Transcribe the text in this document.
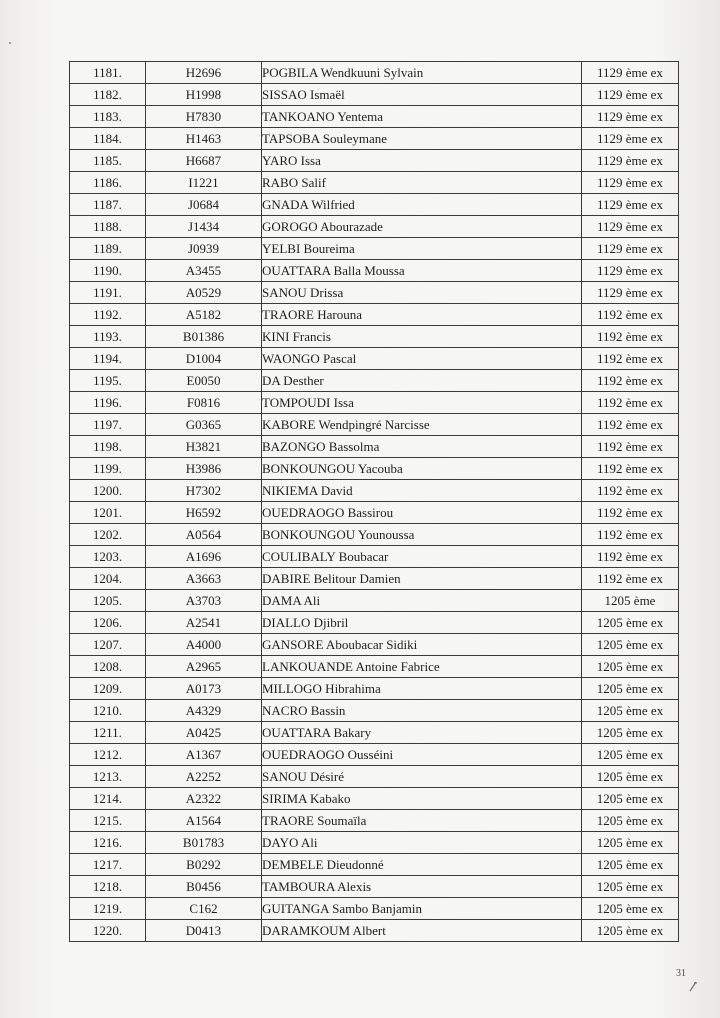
1181.	H2696	POGBILA Wendkuuni Sylvain	1129 ème ex
1182.	H1998	SISSAO Ismaël	1129 ème ex
1183.	H7830	TANKOANO Yentema	1129 ème ex
1184.	H1463	TAPSOBA Souleymane	1129 ème ex
1185.	H6687	YARO Issa	1129 ème ex
1186.	I1221	RABO Salif	1129 ème ex
1187.	J0684	GNADA Wilfried	1129 ème ex
1188.	J1434	GOROGO Abourazade	1129 ème ex
1189.	J0939	YELBI Boureima	1129 ème ex
1190.	A3455	OUATTARA Balla Moussa	1129 ème ex
1191.	A0529	SANOU Drissa	1129 ème ex
1192.	A5182	TRAORE Harouna	1192 ème ex
1193.	B01386	KINI Francis	1192 ème ex
1194.	D1004	WAONGO Pascal	1192 ème ex
1195.	E0050	DA Desther	1192 ème ex
1196.	F0816	TOMPOUDI Issa	1192 ème ex
1197.	G0365	KABORE Wendpingré Narcisse	1192 ème ex
1198.	H3821	BAZONGO Bassolma	1192 ème ex
1199.	H3986	BONKOUNGOU Yacouba	1192 ème ex
1200.	H7302	NIKIEMA David	1192 ème ex
1201.	H6592	OUEDRAOGO Bassirou	1192 ème ex
1202.	A0564	BONKOUNGOU Younoussa	1192 ème ex
1203.	A1696	COULIBALY Boubacar	1192 ème ex
1204.	A3663	DABIRE Belitour Damien	1192 ème ex
1205.	A3703	DAMA Ali	1205 ème
1206.	A2541	DIALLO Djibril	1205 ème ex
1207.	A4000	GANSORE Aboubacar Sidiki	1205 ème ex
1208.	A2965	LANKOUANDE Antoine Fabrice	1205 ème ex
1209.	A0173	MILLOGO Hibrahima	1205 ème ex
1210.	A4329	NACRO Bassin	1205 ème ex
1211.	A0425	OUATTARA Bakary	1205 ème ex
1212.	A1367	OUEDRAOGO Ousséini	1205 ème ex
1213.	A2252	SANOU Désiré	1205 ème ex
1214.	A2322	SIRIMA Kabako	1205 ème ex
1215.	A1564	TRAORE Soumaïla	1205 ème ex
1216.	B01783	DAYO Ali	1205 ème ex
1217.	B0292	DEMBELE Dieudonné	1205 ème ex
1218.	B0456	TAMBOURA Alexis	1205 ème ex
1219.	C162	GUITANGA Sambo Banjamin	1205 ème ex
1220.	D0413	DARAMKOUM Albert	1205 ème ex
31
